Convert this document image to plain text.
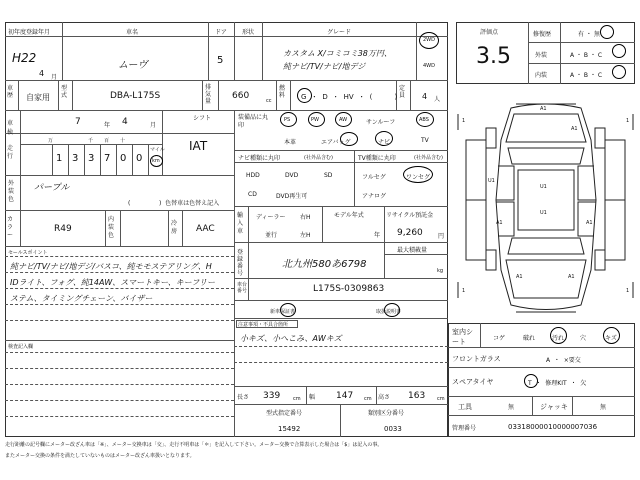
初年度登録年月
H22
4 月
車名
ムーヴ
ドア
5
形状	グレード
カスタム X/コミコミ38万円、
純ナビ/TV/ナビ/地デジ
2WD
4WD
車歴 自家用
型式	DBA-L175S
排気量
660	cc
燃料 G  ・  D  ・  HV  ・  (          )
定員 4 人
車検
7	年 4	月
シフト
IAT
走行
万	千 百 十
1 3 3 7 0 0
マイル
km
外装色
パープル
(               )  色替車は色替え記入
カラー
R49
内装色
冷房 AAC
セールスポイント
純ナビ/TV/ナビ/地デジ/バスコ、純モモステアリング、H
IDライト、フォグ、純14AW、スマートキー、キーフリー
ステム、タイミングチェーン、バイザー
検査記入欄
装備品に丸印
PS	PW	AW	サンルーフ	ABS
本革	エアバッグ	ナビ	TV
ナビ種類に丸印	(社外品含む)	TV種類に丸印	(社外品含む)
HDD	DVD	SD
CD	DVD再生可
フルセグ	ワンセグ
アナログ
輸入車
ディーラー
並行
右H
左H
モデル年式
年
リサイクル預託金
9,260	円
登録番号
北九州580あ6798
最大積載量
kg
車台番号	L175S-0309863
新車保証書	取扱説明書
注意事項・不具合箇所
小キズ、小へこみ、AWキズ
長さ 339	cm 幅 147 cm 高さ 163 cm
型式指定番号
15492
類別区分番号
0033
評価点
3.5
修復歴	有 ・ 無
外装	A ・ B ・ C
内装	A ・ B ・ C
1	1
1	1
A1
A1
A1	A1
U1
U1
U1
A1	A1
室内シート	コゲ	破れ	汚れ	穴	キズ
フロントガラス	A  ・  ×要交
スペアタイヤ	T  ・  修理KIT  ・  欠
工具	無	ジャッキ	無
管理番号	03318000010000007036
走行距離の記号欄にメーター改ざん車は「※」、メーター交換車は「交」、走行不明車は「＊」を記入して下さい。メーター交換で合算表示した場合は「$」は記入の事。
またメーター交換の条件を満たしていないものはメーター改ざん車扱いとなります。
